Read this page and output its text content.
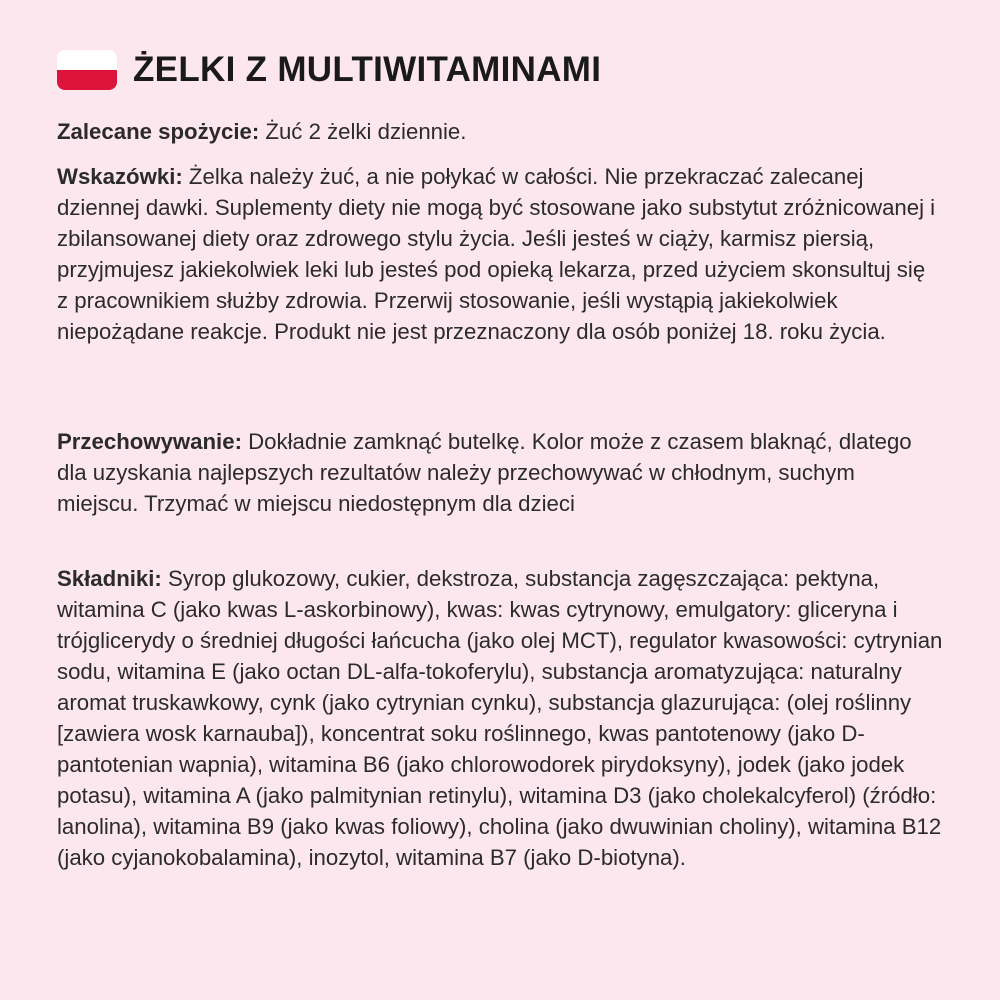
ŻELKI Z MULTIWITAMINAMI

Zalecane spożycie: Żuć 2 żelki dziennie.

Wskazówki: Żelka należy żuć, a nie połykać w całości. Nie przekraczać zalecanej dziennej dawki. Suplementy diety nie mogą być stosowane jako substytut zróżnicowanej i zbilansowanej diety oraz zdrowego stylu życia. Jeśli jesteś w ciąży, karmisz piersią, przyjmujesz jakiekolwiek leki lub jesteś pod opieką lekarza, przed użyciem skonsultuj się z pracownikiem służby zdrowia. Przerwij stosowanie, jeśli wystąpią jakiekolwiek niepożądane reakcje. Produkt nie jest przeznaczony dla osób poniżej 18. roku życia.

Przechowywanie: Dokładnie zamknąć butelkę. Kolor może z czasem blaknąć, dlatego dla uzyskania najlepszych rezultatów należy przechowywać w chłodnym, suchym miejscu. Trzymać w miejscu niedostępnym dla dzieci

Składniki: Syrop glukozowy, cukier, dekstroza, substancja zagęszczająca: pektyna, witamina C (jako kwas L-askorbinowy), kwas: kwas cytrynowy, emulgatory: gliceryna i trójglicerydy o średniej długości łańcucha (jako olej MCT), regulator kwasowości: cytrynian sodu, witamina E (jako octan DL-alfa-tokoferylu), substancja aromatyzująca: naturalny aromat truskawkowy, cynk (jako cytrynian cynku), substancja glazurująca: (olej roślinny [zawiera wosk karnauba]), koncentrat soku roślinnego, kwas pantotenowy (jako D-pantotenian wapnia), witamina B6 (jako chlorowodorek pirydoksyny), jodek (jako jodek potasu), witamina A (jako palmitynian retinylu), witamina D3 (jako cholekalcyferol) (źródło: lanolina), witamina B9 (jako kwas foliowy), cholina (jako dwuwinian choliny), witamina B12 (jako cyjanokobalamina), inozytol, witamina B7 (jako D-biotyna).
